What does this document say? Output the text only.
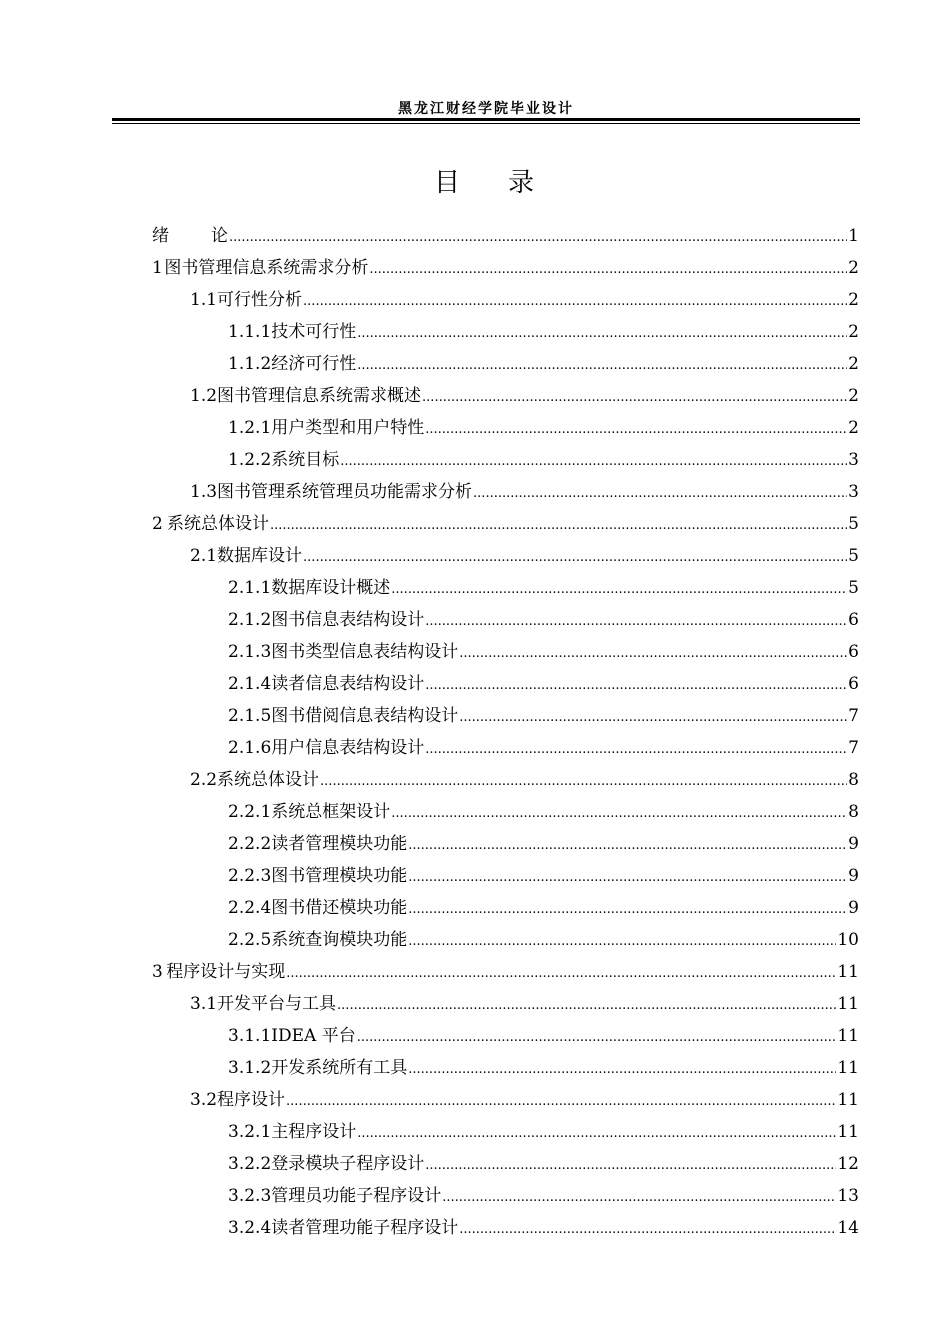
黑龙江财经学院毕业设计
目 录
绪 论 .....	1
1 图书管理信息系统需求分析 .....	2
1.1 可行性分析 .....	2
1.1.1 技术可行性 .....	2
1.1.2 经济可行性 .....	2
1.2 图书管理信息系统需求概述 .....	2
1.2.1 用户类型和用户特性 .....	2
1.2.2 系统目标 .....	3
1.3 图书管理系统管理员功能需求分析 .....	3
2 系统总体设计 .....	5
2.1 数据库设计 .....	5
2.1.1 数据库设计概述 .....	5
2.1.2 图书信息表结构设计 .....	6
2.1.3 图书类型信息表结构设计 .....	6
2.1.4 读者信息表结构设计 .....	6
2.1.5 图书借阅信息表结构设计 .....	7
2.1.6 用户信息表结构设计 .....	7
2.2 系统总体设计 .....	8
2.2.1 系统总框架设计 .....	8
2.2.2 读者管理模块功能 .....	9
2.2.3 图书管理模块功能 .....	9
2.2.4 图书借还模块功能 .....	9
2.2.5 系统查询模块功能 .....	10
3 程序设计与实现 .....	11
3.1 开发平台与工具 .....	11
3.1.1 IDEA 平台 .....	11
3.1.2 开发系统所有工具 .....	11
3.2 程序设计 .....	11
3.2.1 主程序设计 .....	11
3.2.2 登录模块子程序设计 .....	12
3.2.3 管理员功能子程序设计 .....	13
3.2.4 读者管理功能子程序设计 .....	14
